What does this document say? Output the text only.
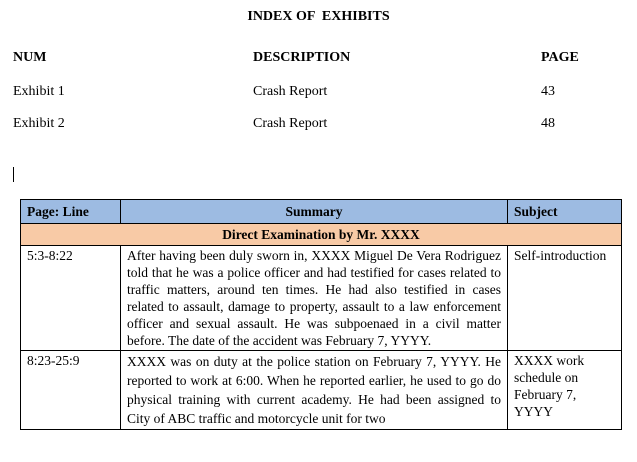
INDEX OF  EXHIBITS
NUM	DESCRIPTION	PAGE
Exhibit 1	Crash Report	43
Exhibit 2	Crash Report	48
Page: Line	Summary	Subject
Direct Examination by Mr. XXXX		
5:3-8:22	After having been duly sworn in, XXXX Miguel De Vera Rodriguez told that he was a police officer and had testified for cases related to traffic matters, around ten times. He had also testified in cases related to assault, damage to property, assault to a law enforcement officer and sexual assault. He was subpoenaed in a civil matter before. The date of the accident was February 7, YYYY.	Self-introduction
8:23-25:9	XXXX was on duty at the police station on February 7, YYYY. He reported to work at 6:00. When he reported earlier, he used to go do physical training with current academy. He had been assigned to City of ABC traffic and motorcycle unit for two	XXXX work schedule on February 7, YYYY
